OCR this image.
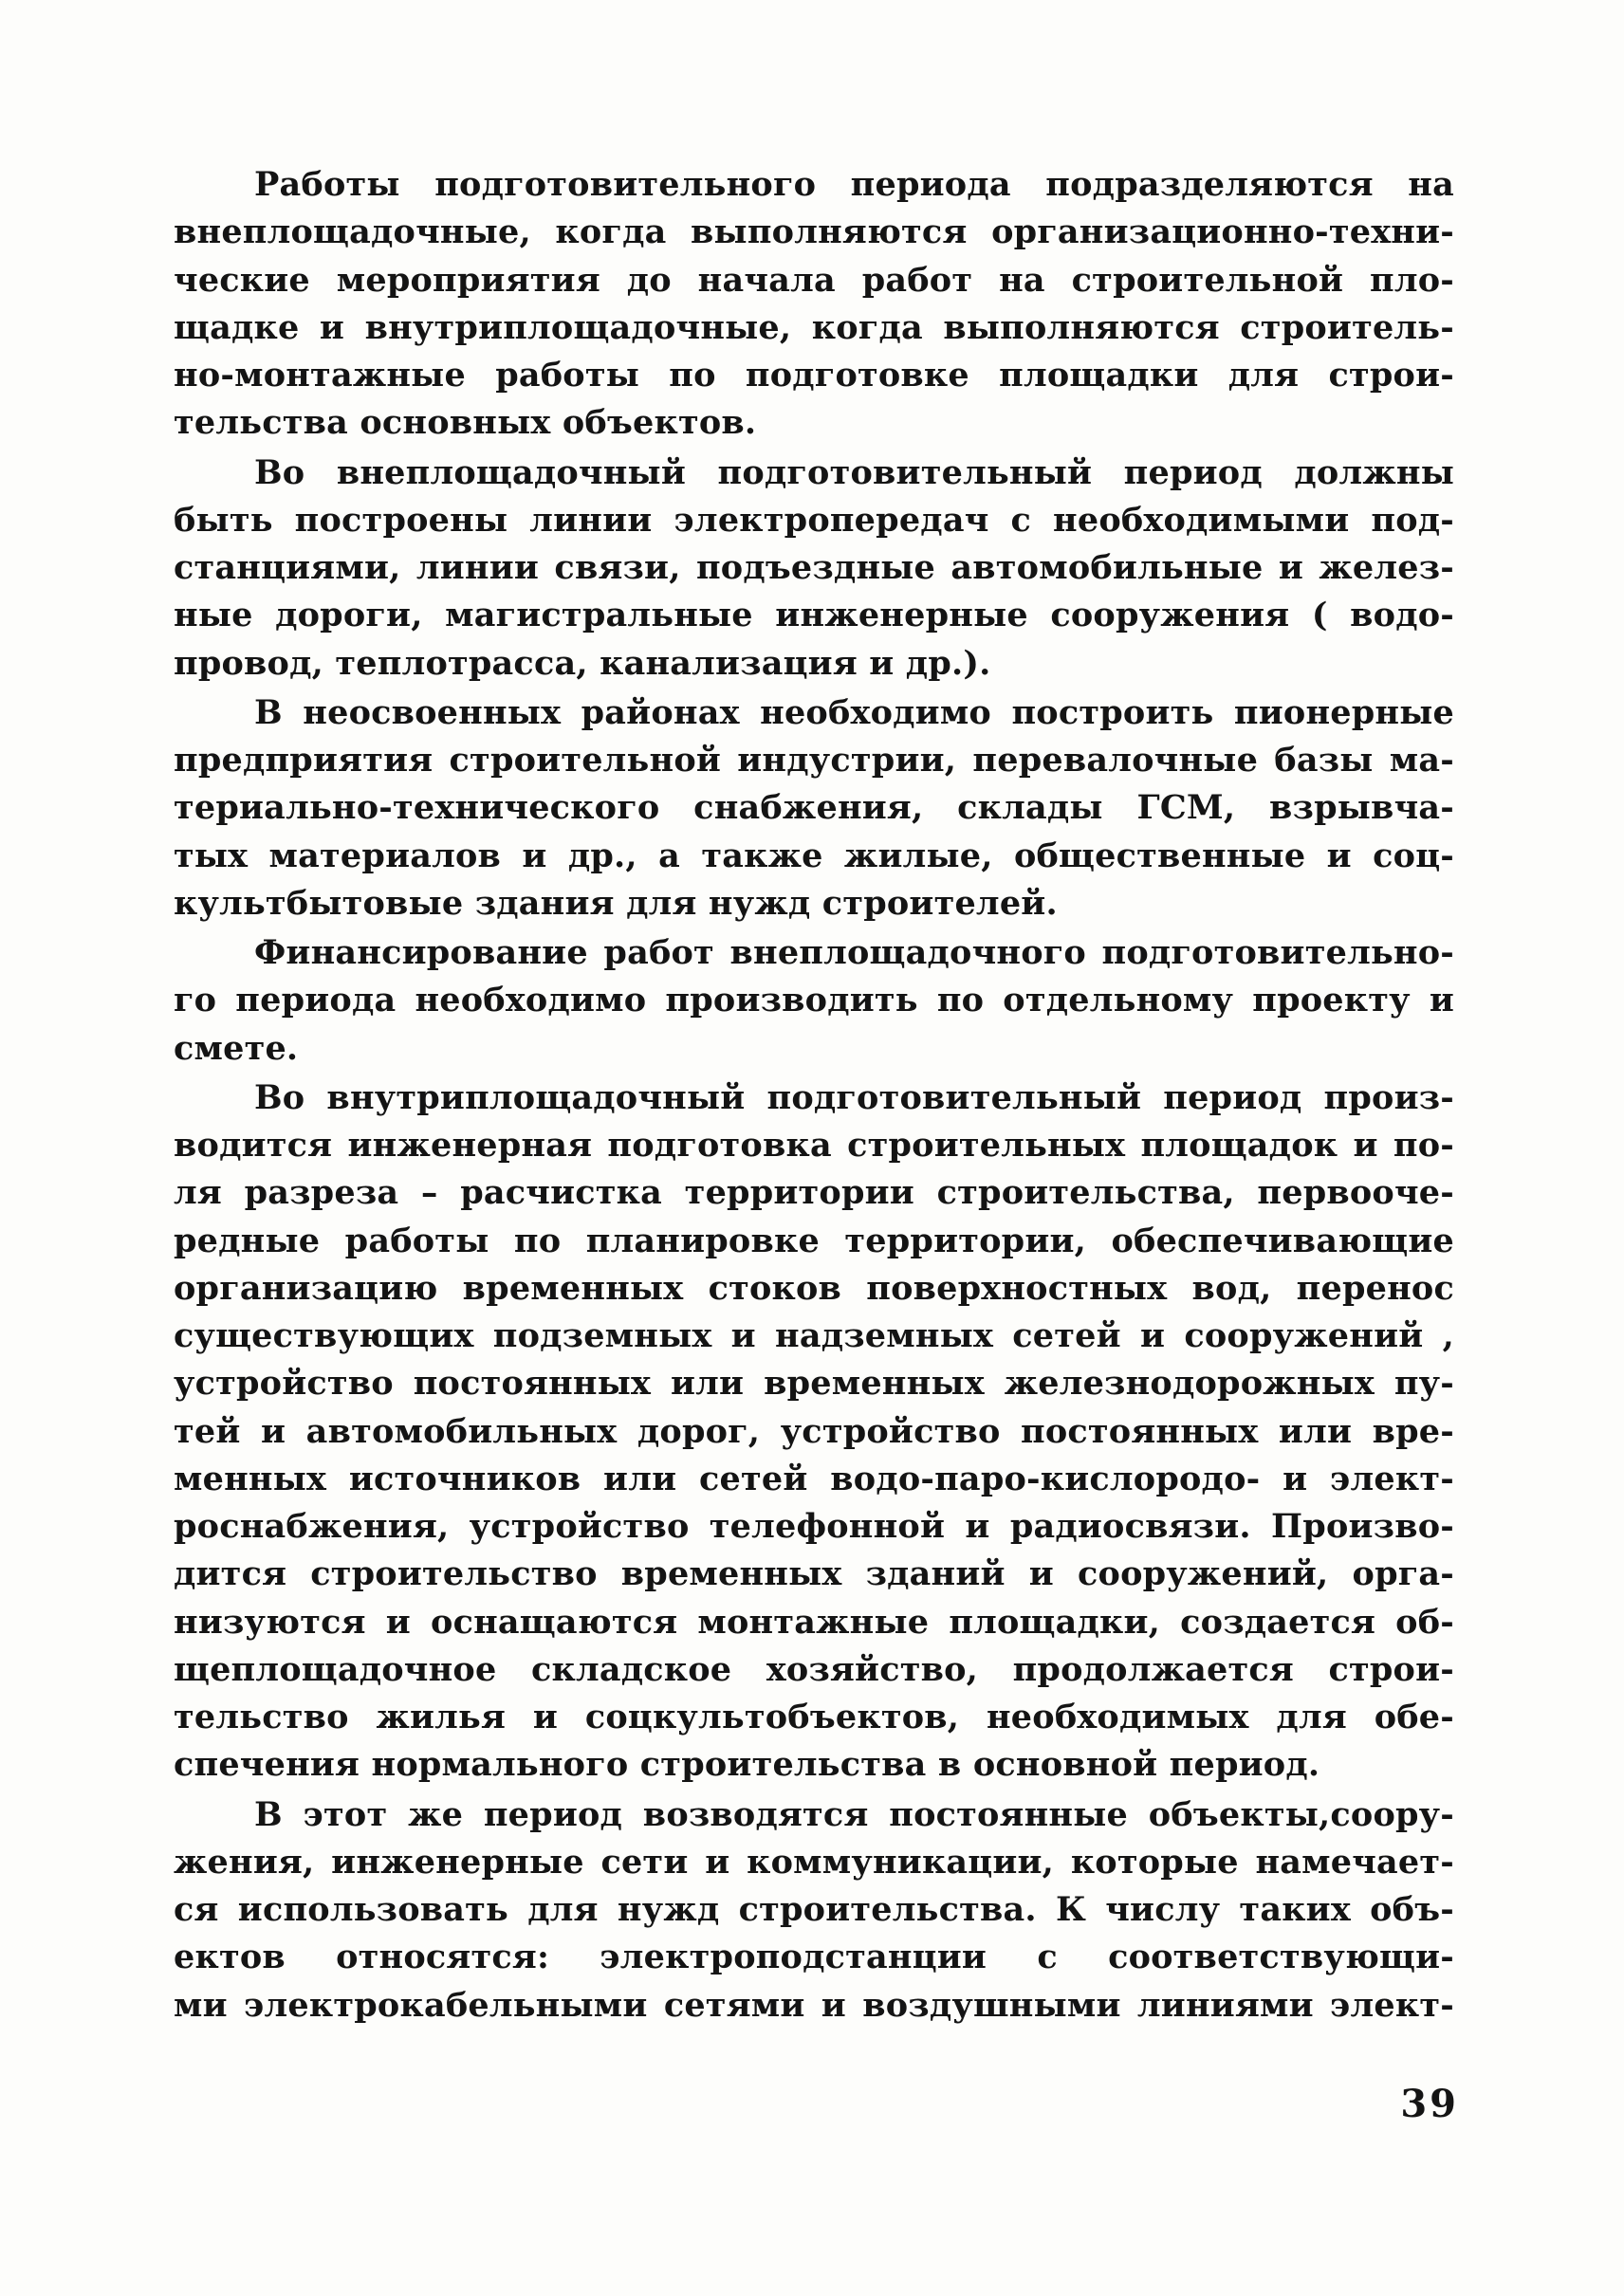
Работы подготовительного периода подразделяются на
внеплощадочные, когда выполняются организационно-техни-
ческие мероприятия до начала работ на строительной пло-
щадке и внутриплощадочные, когда выполняются строитель-
но-монтажные работы по подготовке площадки для строи-
тельства основных объектов.
Во внеплощадочный подготовительный период должны
быть построены линии электропередач с необходимыми под-
станциями, линии связи, подъездные автомобильные и желез-
ные дороги, магистральные инженерные сооружения ( водо-
провод, теплотрасса, канализация и др.).
В неосвоенных районах необходимо построить пионерные
предприятия строительной индустрии, перевалочные базы ма-
териально-технического снабжения, склады ГСМ, взрывча-
тых материалов и др., а также жилые, общественные и соц-
культбытовые здания для нужд строителей.
Финансирование работ внеплощадочного подготовительно-
го периода необходимо производить по отдельному проекту и
смете.
Во внутриплощадочный подготовительный период произ-
водится инженерная подготовка строительных площадок и по-
ля разреза – расчистка территории строительства, первооче-
редные работы по планировке территории, обеспечивающие
организацию временных стоков поверхностных вод, перенос
существующих подземных и надземных сетей и сооружений ,
устройство постоянных или временных железнодорожных пу-
тей и автомобильных дорог, устройство постоянных или вре-
менных источников или сетей водо-паро-кислородо- и элект-
роснабжения, устройство телефонной и радиосвязи. Произво-
дится строительство временных зданий и сооружений, орга-
низуются и оснащаются монтажные площадки, создается об-
щеплощадочное складское хозяйство, продолжается строи-
тельство жилья и соцкультобъектов, необходимых для обе-
спечения нормального строительства в основной период.
В этот же период возводятся постоянные объекты,соору-
жения, инженерные сети и коммуникации, которые намечает-
ся использовать для нужд строительства. К числу таких объ-
ектов относятся: электроподстанции с соответствующи-
ми электрокабельными сетями и воздушными линиями элект-
39
